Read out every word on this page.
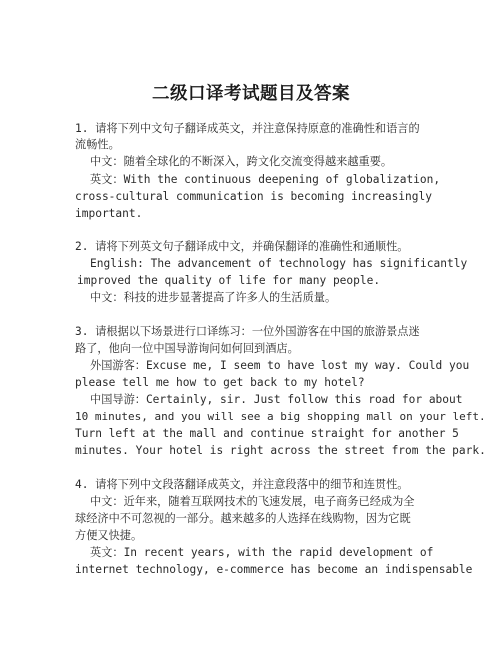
二级口译考试题目及答案
1. 请将下列中文句子翻译成英文，并注意保持原意的准确性和语言的
流畅性。
中文：随着全球化的不断深入，跨文化交流变得越来越重要。
英文：With the continuous deepening of globalization,
cross-cultural communication is becoming increasingly
important.
2. 请将下列英文句子翻译成中文，并确保翻译的准确性和通顺性。
English: The advancement of technology has significantly
improved the quality of life for many people.
中文：科技的进步显著提高了许多人的生活质量。
3. 请根据以下场景进行口译练习：一位外国游客在中国的旅游景点迷
路了，他向一位中国导游询问如何回到酒店。
外国游客：Excuse me, I seem to have lost my way. Could you
please tell me how to get back to my hotel?
中国导游：Certainly, sir. Just follow this road for about
10 minutes, and you will see a big shopping mall on your left.
Turn left at the mall and continue straight for another 5
minutes. Your hotel is right across the street from the park.
4. 请将下列中文段落翻译成英文，并注意段落中的细节和连贯性。
中文：近年来，随着互联网技术的飞速发展，电子商务已经成为全
球经济中不可忽视的一部分。越来越多的人选择在线购物，因为它既
方便又快捷。
英文：In recent years, with the rapid development of
internet technology, e-commerce has become an indispensable
